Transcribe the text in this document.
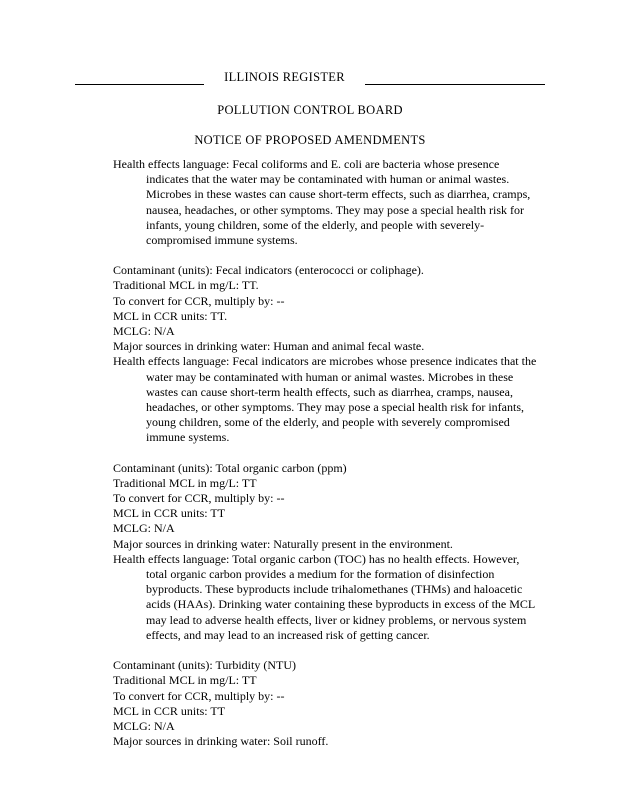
ILLINOIS REGISTER
POLLUTION CONTROL BOARD
NOTICE OF PROPOSED AMENDMENTS
Health effects language: Fecal coliforms and E. coli are bacteria whose presence
indicates that the water may be contaminated with human or animal wastes.
Microbes in these wastes can cause short-term effects, such as diarrhea, cramps,
nausea, headaches, or other symptoms. They may pose a special health risk for
infants, young children, some of the elderly, and people with severely-
compromised immune systems.
Contaminant (units): Fecal indicators (enterococci or coliphage).
Traditional MCL in mg/L: TT.
To convert for CCR, multiply by: --
MCL in CCR units: TT.
MCLG: N/A
Major sources in drinking water: Human and animal fecal waste.
Health effects language: Fecal indicators are microbes whose presence indicates that the
water may be contaminated with human or animal wastes. Microbes in these
wastes can cause short-term health effects, such as diarrhea, cramps, nausea,
headaches, or other symptoms. They may pose a special health risk for infants,
young children, some of the elderly, and people with severely compromised
immune systems.
Contaminant (units): Total organic carbon (ppm)
Traditional MCL in mg/L: TT
To convert for CCR, multiply by: --
MCL in CCR units: TT
MCLG: N/A
Major sources in drinking water: Naturally present in the environment.
Health effects language: Total organic carbon (TOC) has no health effects. However,
total organic carbon provides a medium for the formation of disinfection
byproducts. These byproducts include trihalomethanes (THMs) and haloacetic
acids (HAAs). Drinking water containing these byproducts in excess of the MCL
may lead to adverse health effects, liver or kidney problems, or nervous system
effects, and may lead to an increased risk of getting cancer.
Contaminant (units): Turbidity (NTU)
Traditional MCL in mg/L: TT
To convert for CCR, multiply by: --
MCL in CCR units: TT
MCLG: N/A
Major sources in drinking water: Soil runoff.
